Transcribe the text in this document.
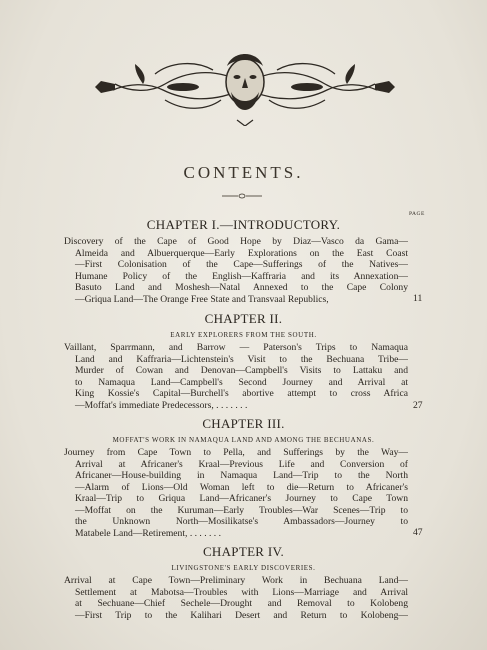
CONTENTS.
PAGE
CHAPTER I.—INTRODUCTORY.
Discovery of the Cape of Good Hope by Diaz—Vasco da Gama—
Almeida and Albuerquerque—Early Explorations on the East Coast
—First Colonisation of the Cape—Sufferings of the Natives—
Humane Policy of the English—Kaffraria and its Annexation—
Basuto Land and Moshesh—Natal Annexed to the Cape Colony
—Griqua Land—The Orange Free State and Transvaal Republics,	11
CHAPTER II.
EARLY EXPLORERS FROM THE SOUTH.
Vaillant, Sparrmann, and Barrow — Paterson's Trips to Namaqua
Land and Kaffraria—Lichtenstein's Visit to the Bechuana Tribe—
Murder of Cowan and Denovan—Campbell's Visits to Lattaku and
to Namaqua Land—Campbell's Second Journey and Arrival at
King Kossie's Capital—Burchell's abortive attempt to cross Africa
—Moffat's immediate Predecessors, . . . . . . .	27
CHAPTER III.
MOFFAT'S WORK IN NAMAQUA LAND AND AMONG THE BECHUANAS.
Journey from Cape Town to Pella, and Sufferings by the Way—
Arrival at Africaner's Kraal—Previous Life and Conversion of
Africaner—House-building in Namaqua Land—Trip to the North
—Alarm of Lions—Old Woman left to die—Return to Africaner's
Kraal—Trip to Griqua Land—Africaner's Journey to Cape Town
—Moffat on the Kuruman—Early Troubles—War Scenes—Trip to
the Unknown North—Mosilikatse's Ambassadors—Journey to
Matabele Land—Retirement, . . . . . . .	47
CHAPTER IV.
LIVINGSTONE'S EARLY DISCOVERIES.
Arrival at Cape Town—Preliminary Work in Bechuana Land—
Settlement at Mabotsa—Troubles with Lions—Marriage and Arrival
at Sechuane—Chief Sechele—Drought and Removal to Kolobeng
—First Trip to the Kalihari Desert and Return to Kolobeng—
